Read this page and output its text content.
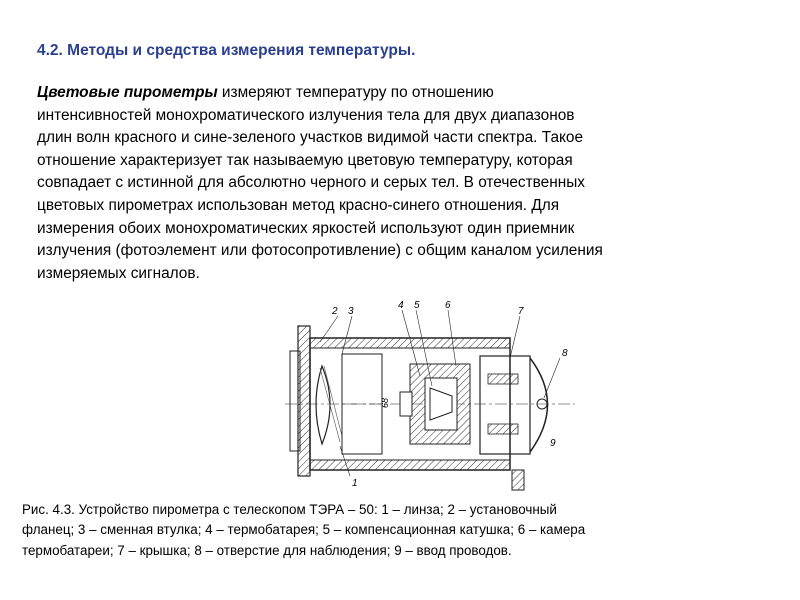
4.2. Методы и средства измерения температуры.
Цветовые пирометры измеряют температуру по отношению
интенсивностей монохроматического излучения тела для двух диапазонов
длин волн красного и сине-зеленого участков видимой части спектра. Такое
отношение характеризует так называемую цветовую температуру, которая
совпадает с истинной для абсолютно черного и серых тел. В отечественных
цветовых пирометрах использован метод красно-синего отношения. Для
измерения обоих монохроматических яркостей используют один приемник
излучения (фотоэлемент или фотосопротивление) с общим каналом усиления
измеряемых сигналов.
2 3
4 5	6
7
8
9
1
68
Рис. 4.3. Устройство пирометра с телескопом ТЭРА – 50: 1 – линза; 2 – установочный
фланец; 3 – сменная втулка; 4 – термобатарея; 5 – компенсационная катушка; 6 – камера
термобатареи; 7 – крышка; 8 – отверстие для наблюдения; 9 – ввод проводов.
